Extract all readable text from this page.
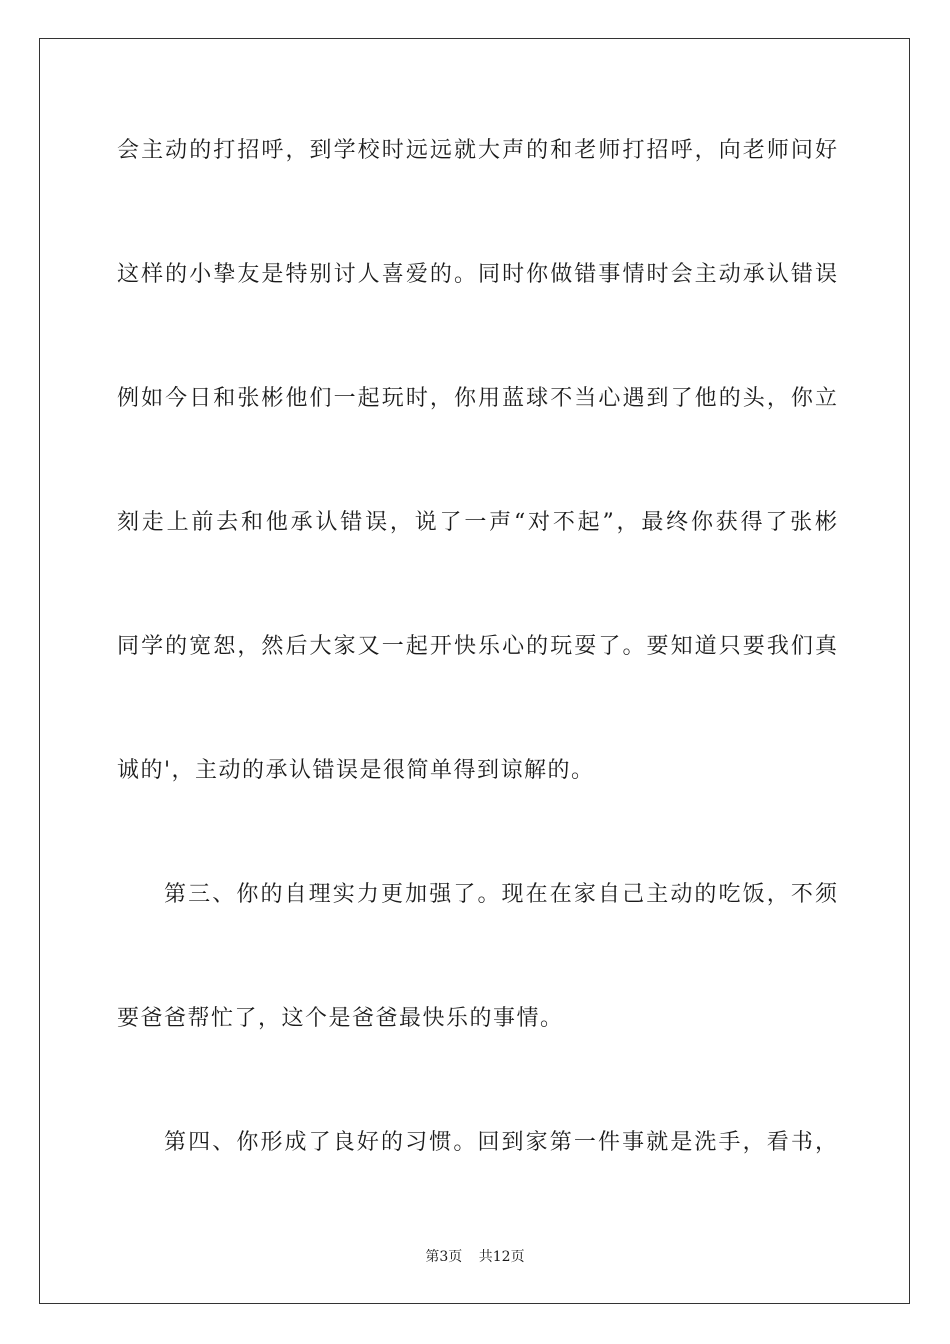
会主动的打招呼，到学校时远远就大声的和老师打招呼，向老师问好
这样的小挚友是特别讨人喜爱的。同时你做错事情时会主动承认错误
例如今日和张彬他们一起玩时，你用蓝球不当心遇到了他的头，你立
刻走上前去和他承认错误，说了一声“对不起”，最终你获得了张彬
同学的宽恕，然后大家又一起开快乐心的玩耍了。要知道只要我们真
诚的'，主动的承认错误是很简单得到谅解的。
第三、你的自理实力更加强了。现在在家自己主动的吃饭，不须
要爸爸帮忙了，这个是爸爸最快乐的事情。
第四、你形成了良好的习惯。回到家第一件事就是洗手，看书，
第3页 共12页
